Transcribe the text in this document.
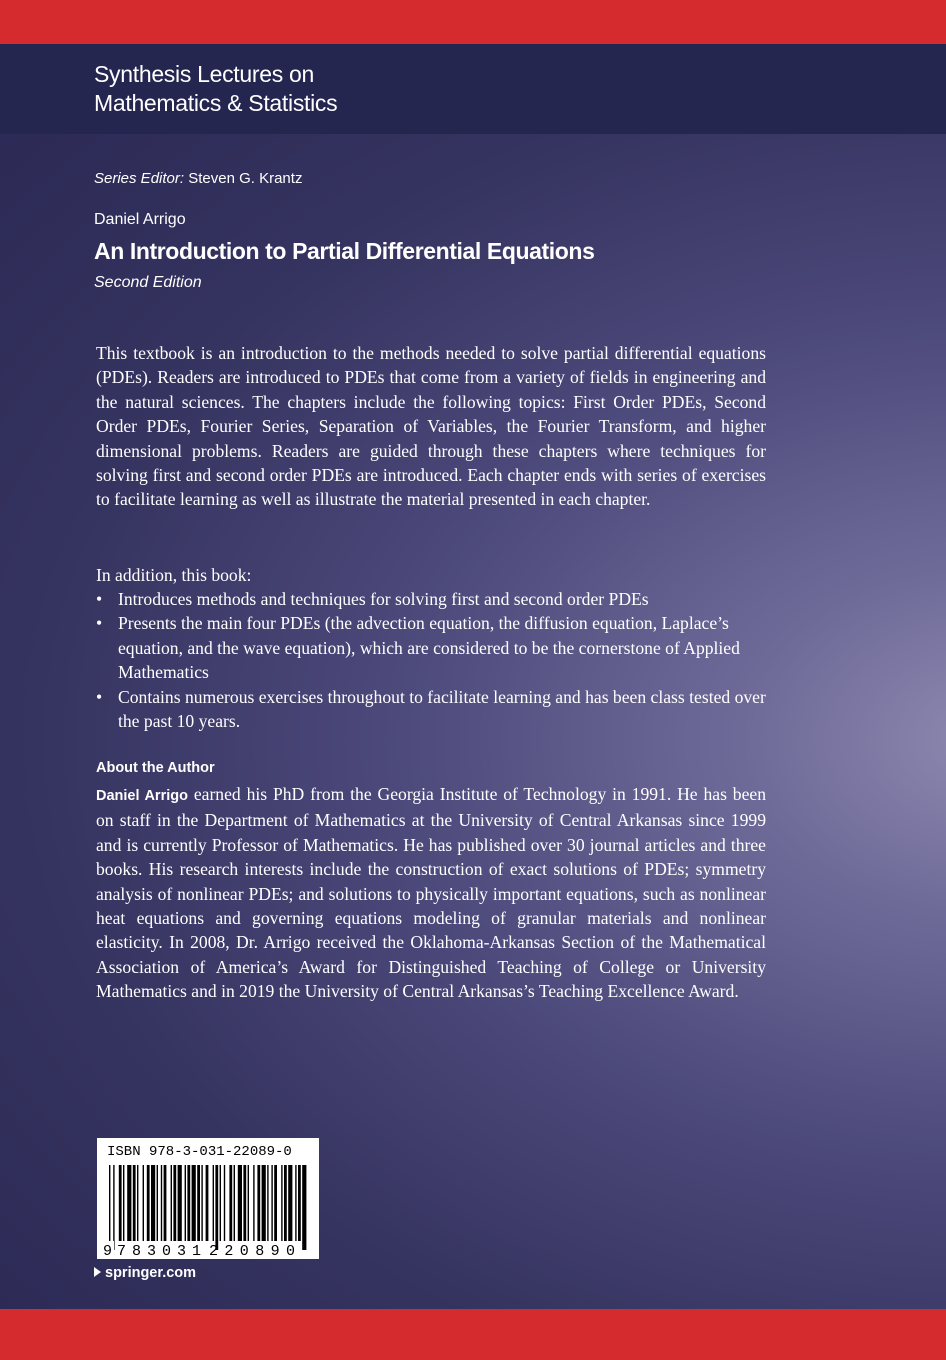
Synthesis Lectures on
Mathematics & Statistics
Series Editor: Steven G. Krantz
Daniel Arrigo
An Introduction to Partial Differential Equations
Second Edition

This textbook is an introduction to the methods needed to solve partial differential equations (PDEs). Readers are introduced to PDEs that come from a variety of fields in engineering and the natural sciences. The chapters include the following topics: First Order PDEs, Second Order PDEs, Fourier Series, Separation of Variables, the Fourier Transform, and higher dimensional problems. Readers are guided through these chapters where techniques for solving first and second order PDEs are introduced. Each chapter ends with series of exercises to facilitate learning as well as illustrate the material presented in each chapter.

In addition, this book:

• Introduces methods and techniques for solving first and second order PDEs
• Presents the main four PDEs (the advection equation, the diffusion equation, Laplace’s equation, and the wave equation), which are considered to be the cornerstone of Applied Mathematics
• Contains numerous exercises throughout to facilitate learning and has been class tested over the past 10 years.
About the Author

Daniel Arrigo earned his PhD from the Georgia Institute of Technology in 1991. He has been on staff in the Department of Mathematics at the University of Central Arkansas since 1999 and is currently Professor of Mathematics. He has published over 30 journal articles and three books. His research interests include the construction of exact solutions of PDEs; symmetry analysis of nonlinear PDEs; and solutions to physically important equations, such as nonlinear heat equations and governing equations modeling of granular materials and nonlinear elasticity. In 2008, Dr. Arrigo received the Oklahoma-Arkansas Section of the Mathematical Association of America’s Award for Distinguished Teaching of College or University Mathematics and in 2019 the University of Central Arkansas’s Teaching Excellence Award.

ISBN 978-3-031-22089-0
9 783031 220890
springer.com
